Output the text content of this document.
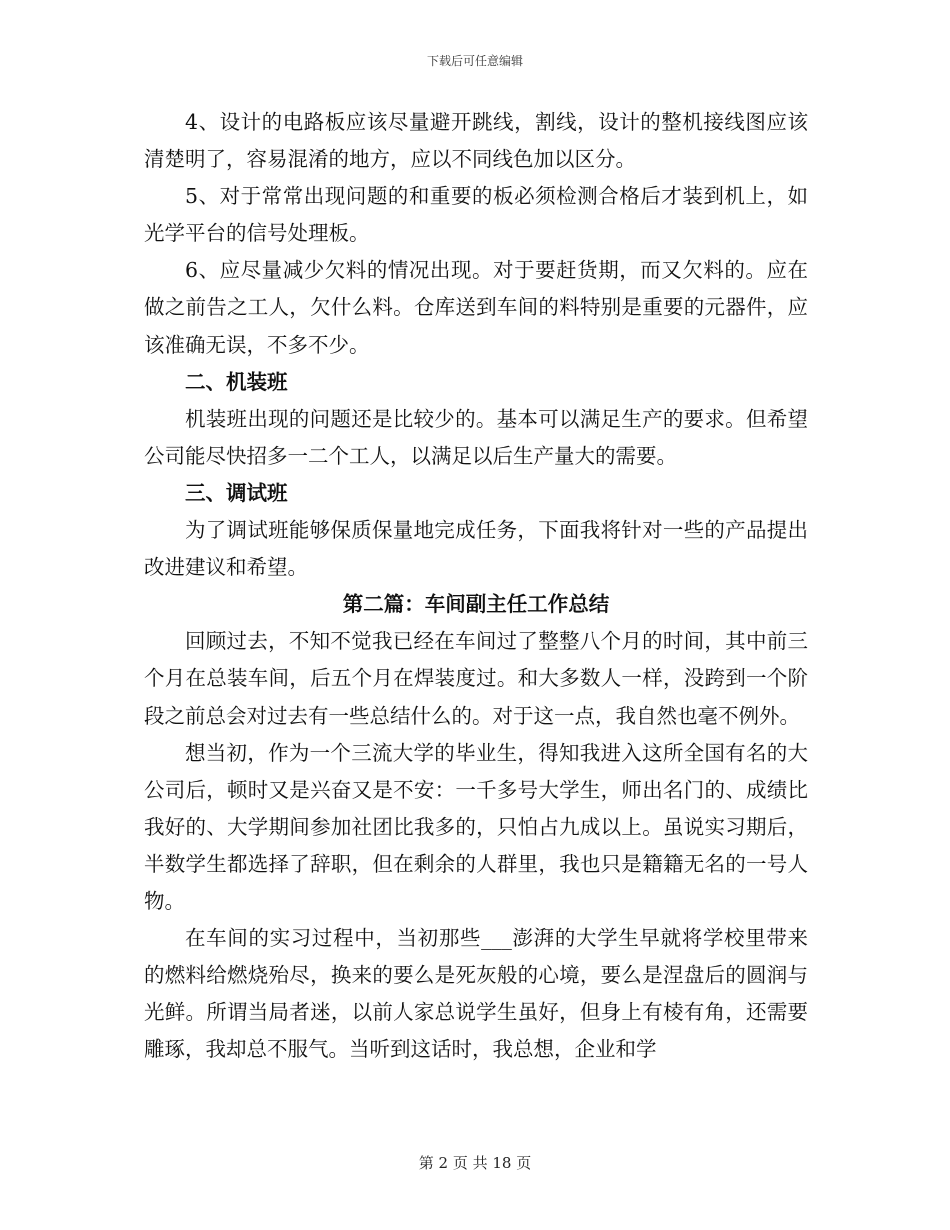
下载后可任意编辑

4、设计的电路板应该尽量避开跳线，割线，设计的整机接线图应该清楚明了，容易混淆的地方，应以不同线色加以区分。

5、对于常常出现问题的和重要的板必须检测合格后才装到机上，如光学平台的信号处理板。

6、应尽量减少欠料的情况出现。对于要赶货期，而又欠料的。应在做之前告之工人，欠什么料。仓库送到车间的料特别是重要的元器件，应该准确无误，不多不少。

二、机装班

机装班出现的问题还是比较少的。基本可以满足生产的要求。但希望公司能尽快招多一二个工人，以满足以后生产量大的需要。

三、调试班

为了调试班能够保质保量地完成任务，下面我将针对一些的产品提出改进建议和希望。

第二篇：车间副主任工作总结

回顾过去，不知不觉我已经在车间过了整整八个月的时间，其中前三个月在总装车间，后五个月在焊装度过。和大多数人一样，没跨到一个阶段之前总会对过去有一些总结什么的。对于这一点，我自然也毫不例外。

想当初，作为一个三流大学的毕业生，得知我进入这所全国有名的大公司后，顿时又是兴奋又是不安：一千多号大学生，师出名门的、成绩比我好的、大学期间参加社团比我多的，只怕占九成以上。虽说实习期后，半数学生都选择了辞职，但在剩余的人群里，我也只是籍籍无名的一号人物。

在车间的实习过程中，当初那些___澎湃的大学生早就将学校里带来的燃料给燃烧殆尽，换来的要么是死灰般的心境，要么是涅盘后的圆润与光鲜。所谓当局者迷，以前人家总说学生虽好，但身上有棱有角，还需要雕琢，我却总不服气。当听到这话时，我总想，企业和学

第 2 页 共 18 页
